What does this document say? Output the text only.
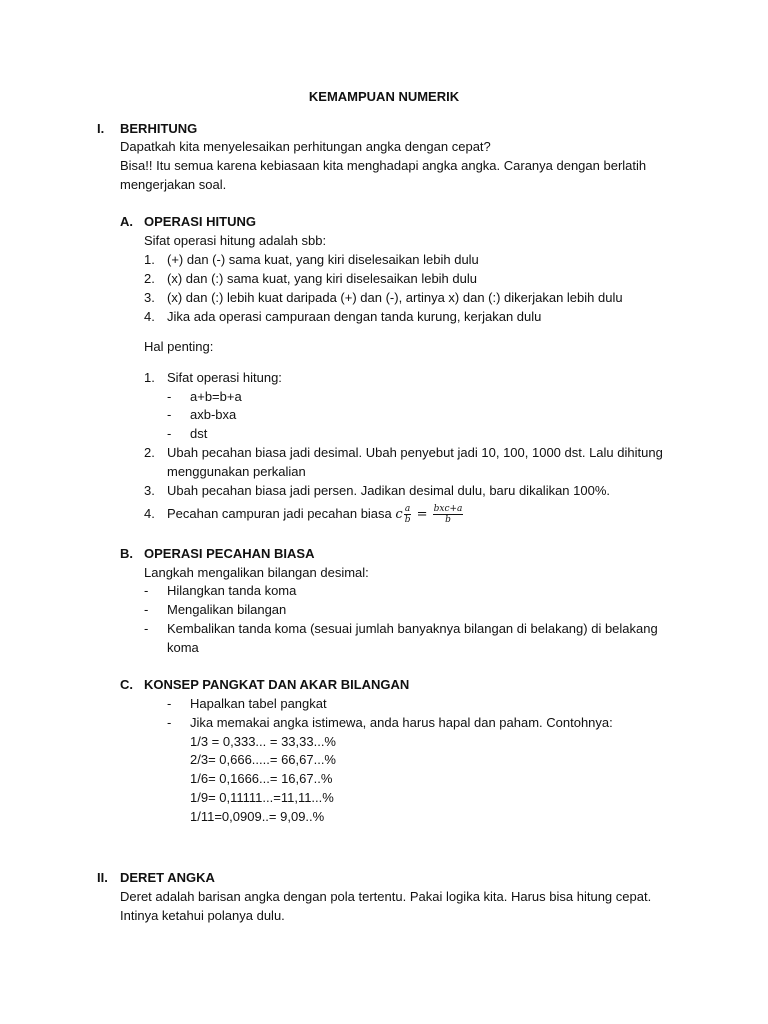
KEMAMPUAN NUMERIK
I. BERHITUNG
Dapatkah kita menyelesaikan perhitungan angka dengan cepat?
Bisa!! Itu semua karena kebiasaan kita menghadapi angka angka. Caranya dengan berlatih
mengerjakan soal.
A. OPERASI HITUNG
Sifat operasi hitung adalah sbb:
1. (+) dan (-) sama kuat, yang kiri diselesaikan lebih dulu
2. (x) dan (:) sama kuat, yang kiri diselesaikan lebih dulu
3. (x) dan (:) lebih kuat daripada (+) dan (-), artinya x) dan (:) dikerjakan lebih dulu
4. Jika ada operasi campuraan dengan tanda kurung, kerjakan dulu
Hal penting:
1. Sifat operasi hitung:
- a+b=b+a
- axb-bxa
- dst
2. Ubah pecahan biasa jadi desimal. Ubah penyebut jadi 10, 100, 1000 dst. Lalu dihitung
menggunakan perkalian
3. Ubah pecahan biasa jadi persen. Jadikan desimal dulu, baru dikalikan 100%.
4. Pecahan campuran jadi pecahan biasa c $\frac{a}{b} = \frac{\text{bxc+a}}{b}$
B. OPERASI PECAHAN BIASA
Langkah mengalikan bilangan desimal:
- Hilangkan tanda koma
- Mengalikan bilangan
- Kembalikan tanda koma (sesuai jumlah banyaknya bilangan di belakang) di belakang
koma
C. KONSEP PANGKAT DAN AKAR BILANGAN
- Hapalkan tabel pangkat
- Jika memakai angka istimewa, anda harus hapal dan paham. Contohnya:
1/3 = 0,333... = 33,33...%
2/3= 0,666.....= 66,67...%
1/6= 0,1666...= 16,67..%
1/9= 0,11111...=11,11...%
1/11=0,0909..= 9,09..%
II. DERET ANGKA
Deret adalah barisan angka dengan pola tertentu. Pakai logika kita. Harus bisa hitung cepat.
Intinya ketahui polanya dulu.
